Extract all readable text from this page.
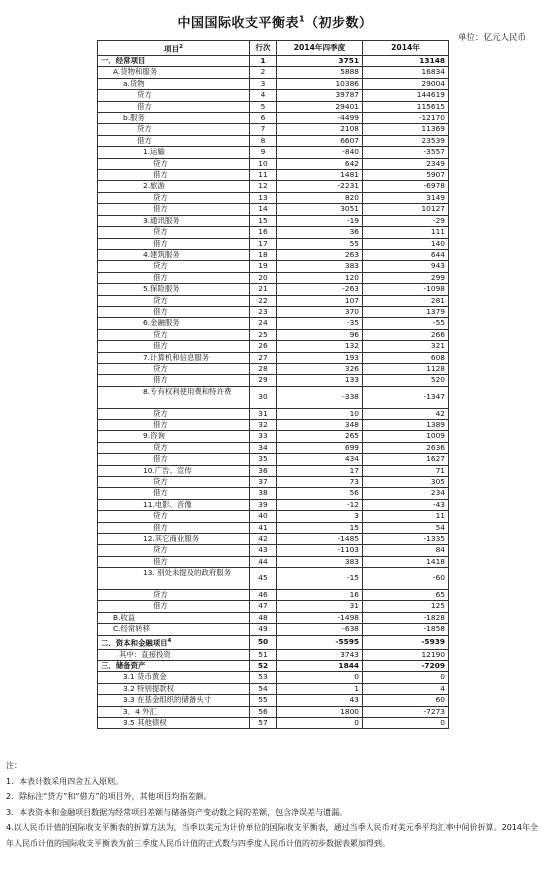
中国国际收支平衡表$^1$（初步数）
单位：亿元人民币
项目$^2$	行次	2014年四季度	2014年
一．经常项目	1	3751	13148
A.货物和服务	2	5888	16834
a.货物	3	10386	29004
贷方	4	39787	144619
借方	5	29401	115615
b.服务	6	-4499	-12170
贷方	7	2108	11369
借方	8	6607	23539
1.运输	9	-840	-3557
贷方	10	642	2349
借方	11	1481	5907
2.旅游	12	-2231	-6978
贷方	13	820	3149
借方	14	3051	10127
3.通讯服务	15	-19	-29
贷方	16	36	111
借方	17	55	140
4.建筑服务	18	263	644
贷方	19	383	943
借方	20	120	299
5.保险服务	21	-263	-1098
贷方	22	107	281
借方	23	370	1379
6.金融服务	24	-35	-55
贷方	25	96	266
借方	26	132	321
7.计算机和信息服务	27	193	608
贷方	28	326	1128
借方	29	133	520
8.专有权利使用费和特许费	30	-338	-1347
贷方	31	10	42
借方	32	348	1389
9.咨询	33	265	1009
贷方	34	699	2636
借方	35	434	1627
10.广告、宣传	36	17	71
贷方	37	73	305
借方	38	56	234
11.电影、音像	39	-12	-43
贷方	40	3	11
借方	41	15	54
12.其它商业服务	42	-1485	-1335
贷方	43	-1103	84
借方	44	383	1418
13. 别处未提及的政府服务	45	-15	-60
贷方	46	16	65
借方	47	31	125
B.收益	48	-1498	-1828
C.经常转移	49	-638	-1858
二．资本和金融项目$^4$	50	-5595	-5939
其中：直接投资	51	3743	12190
三．储备资产	52	1844	-7209
3.1 货币黄金	53	0	0
3.2 特别提款权	54	1	4
3.3 在基金组织的储备头寸	55	43	60
3．4 外汇	56	1800	-7273
3.5 其他债权	57	0	0
注：
1．本表计数采用四舍五入原则。
2．除标注“贷方”和“借方”的项目外，其他项目均指差额。
3．本表资本和金融项目数据为经常项目差额与储备资产变动数之间的差额，包含净误差与遗漏。
4.以人民币计值的国际收支平衡表的折算方法为，当季以美元为计价单位的国际收支平衡表，通过当季人民币对美元季平均汇率中间价折算。2014年全年人民币计值的国际收支平衡表为前三季度人民币计值的正式数与四季度人民币计值的初步数据表累加得到。
